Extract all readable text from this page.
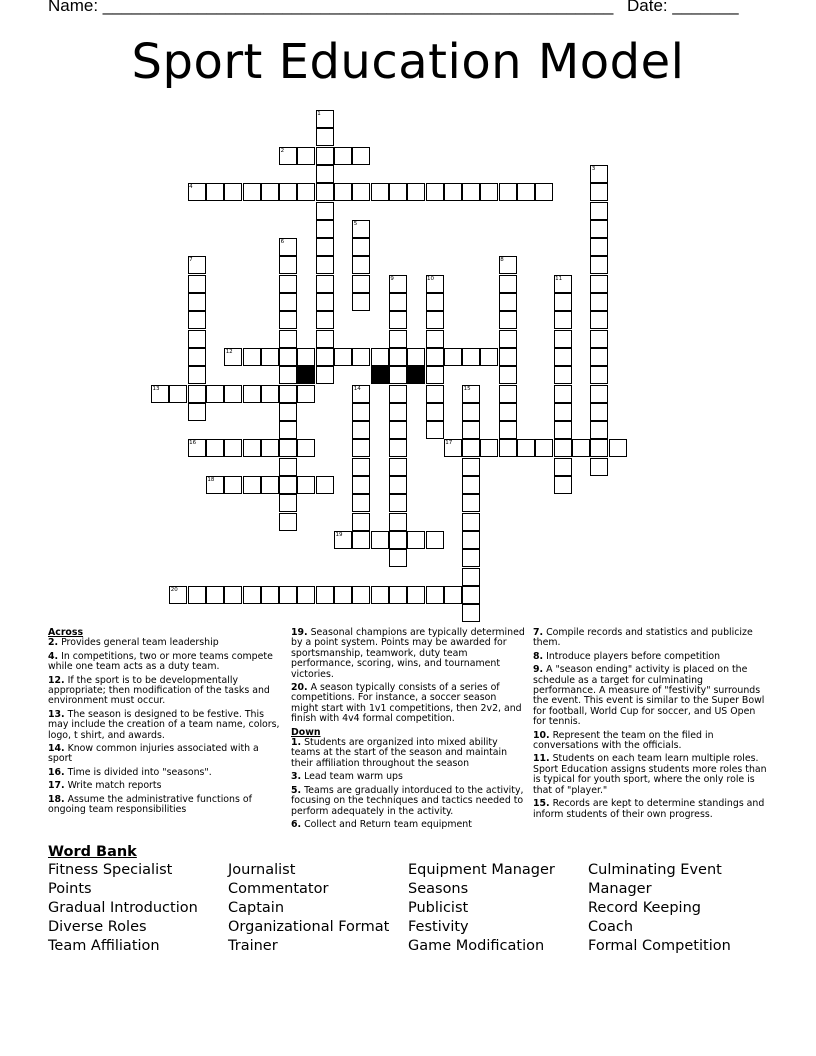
Name: ______________________________________________________ Date: _______
Sport Education Model
1
2
3
4
5
6
7	8
9	10	11
12
13	14	15
16	17
18
19
20
Across
2. Provides general team leadership
4. In competitions, two or more teams compete while one team acts as a duty team.
12. If the sport is to be developmentally appropriate; then modification of the tasks and environment must occur.
13. The season is designed to be festive. This may include the creation of a team name, colors, logo, t shirt, and awards.
14. Know common injuries associated with a sport
16. Time is divided into "seasons".
17. Write match reports
18. Assume the administrative functions of ongoing team responsibilities
19. Seasonal champions are typically determined by a point system. Points may be awarded for sportsmanship, teamwork, duty team performance, scoring, wins, and tournament victories.
20. A season typically consists of a series of competitions. For instance, a soccer season might start with 1v1 competitions, then 2v2, and finish with 4v4 formal competition.
Down
1. Students are organized into mixed ability teams at the start of the season and maintain their affiliation throughout the season
3. Lead team warm ups
5. Teams are gradually intorduced to the activity, focusing on the techniques and tactics needed to perform adequately in the activity.
6. Collect and Return team equipment
7. Compile records and statistics and publicize them.
8. Introduce players before competition
9. A "season ending" activity is placed on the schedule as a target for culminating performance. A measure of "festivity" surrounds the event. This event is similar to the Super Bowl for football, World Cup for soccer, and US Open for tennis.
10. Represent the team on the filed in conversations with the officials.
11. Students on each team learn multiple roles. Sport Education assigns students more roles than is typical for youth sport, where the only role is that of "player."
15. Records are kept to determine standings and inform students of their own progress.
Word Bank
Fitness Specialist	Journalist	Equipment Manager	Culminating Event
Points	Commentator	Seasons	Manager
Gradual Introduction	Captain	Publicist	Record Keeping
Diverse Roles	Organizational Format	Festivity	Coach
Team Affiliation	Trainer	Game Modification	Formal Competition
